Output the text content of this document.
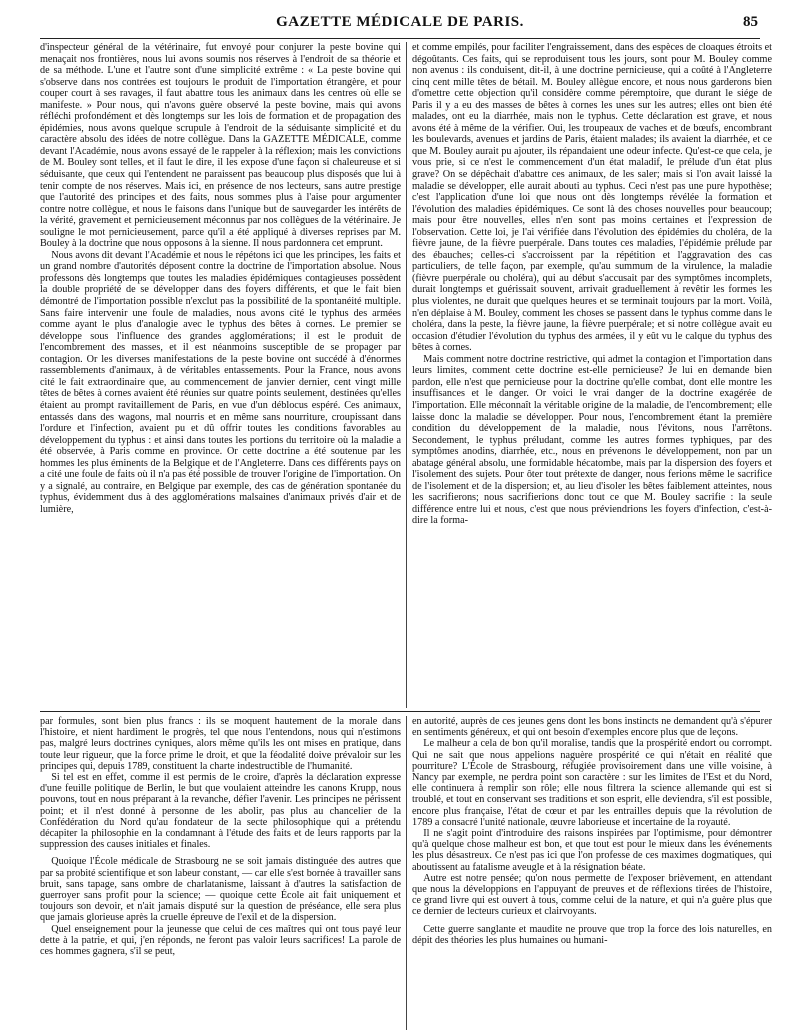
GAZETTE MÉDICALE DE PARIS.	85

d'inspecteur général de la vétérinaire, fut envoyé pour conjurer la peste bovine qui menaçait nos frontières, nous lui avons soumis nos réserves à l'endroit de sa théorie et de sa méthode. L'une et l'autre sont d'une simplicité extrême : « La peste bovine qui s'observe dans nos contrées est toujours le produit de l'importation étrangère, et pour couper court à ses ravages, il faut abattre tous les animaux dans les centres où elle se manifeste. » Pour nous, qui n'avons guère observé la peste bovine, mais qui avons réfléchi profondément et dès longtemps sur les lois de formation et de propagation des épidémies, nous avons quelque scrupule à l'endroit de la séduisante simplicité et du caractère absolu des idées de notre collègue. Dans la GAZETTE MÉDICALE, comme devant l'Académie, nous avons essayé de le rappeler à la réflexion; mais les convictions de M. Bouley sont telles, et il faut le dire, il les expose d'une façon si chaleureuse et si séduisante, que ceux qui l'entendent ne paraissent pas beaucoup plus disposés que lui à tenir compte de nos réserves. Mais ici, en présence de nos lecteurs, sans autre prestige que l'autorité des principes et des faits, nous sommes plus à l'aise pour argumenter contre notre collègue, et nous le faisons dans l'unique but de sauvegarder les intérêts de la vérité, gravement et pernicieusement méconnus par nos collègues de la vétérinaire. Je souligne le mot pernicieusement, parce qu'il a été appliqué à diverses reprises par M. Bouley à la doctrine que nous opposons à la sienne. Il nous pardonnera cet emprunt.

Nous avons dit devant l'Académie et nous le répétons ici que les principes, les faits et un grand nombre d'autorités déposent contre la doctrine de l'importation absolue. Nous professons dès longtemps que toutes les maladies épidémiques contagieuses possèdent la double propriété de se développer dans des foyers différents, et que le fait bien démontré de l'importation possible n'exclut pas la possibilité de la spontanéité multiple. Sans faire intervenir une foule de maladies, nous avons cité le typhus des armées comme ayant le plus d'analogie avec le typhus des bêtes à cornes. Le premier se développe sous l'influence des grandes agglomérations; il est le produit de l'encombrement des masses, et il est néanmoins susceptible de se propager par contagion. Or les diverses manifestations de la peste bovine ont succédé à d'énormes rassemblements d'animaux, à de véritables entassements. Pour la France, nous avons cité le fait extraordinaire que, au commencement de janvier dernier, cent vingt mille têtes de bêtes à cornes avaient été réunies sur quatre points seulement, destinées qu'elles étaient au prompt ravitaillement de Paris, en vue d'un déblocus espéré. Ces animaux, entassés dans des wagons, mal nourris et en même sans nourriture, croupissant dans l'ordure et l'infection, avaient pu et dû offrir toutes les conditions favorables au développement du typhus : et ainsi dans toutes les portions du territoire où la maladie a été observée, à Paris comme en province. Or cette doctrine a été soutenue par les hommes les plus éminents de la Belgique et de l'Angleterre. Dans ces différents pays on a cité une foule de faits où il n'a pas été possible de trouver l'origine de l'importation. On y a signalé, au contraire, en Belgique par exemple, des cas de génération spontanée du typhus, évidemment dus à des agglomérations malsaines d'animaux privés d'air et de lumière,

et comme empilés, pour faciliter l'engraissement, dans des espèces de cloaques étroits et dégoûtants. Ces faits, qui se reproduisent tous les jours, sont pour M. Bouley comme non avenus : ils conduisent, dit-il, à une doctrine pernicieuse, qui a coûté à l'Angleterre cinq cent mille têtes de bétail. M. Bouley allègue encore, et nous nous garderons bien d'omettre cette objection qu'il considère comme péremptoire, que durant le siége de Paris il y a eu des masses de bêtes à cornes les unes sur les autres; elles ont bien été malades, ont eu la diarrhée, mais non le typhus. Cette déclaration est grave, et nous avons été à même de la vérifier. Oui, les troupeaux de vaches et de bœufs, encombrant les boulevards, avenues et jardins de Paris, étaient malades; ils avaient la diarrhée, et ce que M. Bouley aurait pu ajouter, ils répandaient une odeur infecte. Qu'est-ce que cela, je vous prie, si ce n'est le commencement d'un état maladif, le prélude d'un état plus grave? On se dépêchait d'abattre ces animaux, de les saler; mais si l'on avait laissé la maladie se développer, elle aurait abouti au typhus. Ceci n'est pas une pure hypothèse; c'est l'application d'une loi que nous ont dès longtemps révélée la formation et l'évolution des maladies épidémiques. Ce sont là des choses nouvelles pour beaucoup; mais pour être nouvelles, elles n'en sont pas moins certaines et l'expression de l'observation. Cette loi, je l'ai vérifiée dans l'évolution des épidémies du choléra, de la fièvre jaune, de la fièvre puerpérale. Dans toutes ces maladies, l'épidémie prélude par des ébauches; celles-ci s'accroissent par la répétition et l'aggravation des cas particuliers, de telle façon, par exemple, qu'au summum de la virulence, la maladie (fièvre puerpérale ou choléra), qui au début s'accusait par des symptômes incomplets, durait longtemps et guérissait souvent, arrivait graduellement à revêtir les formes les plus violentes, ne durait que quelques heures et se terminait toujours par la mort. Voilà, n'en déplaise à M. Bouley, comment les choses se passent dans le typhus comme dans le choléra, dans la peste, la fièvre jaune, la fièvre puerpérale; et si notre collègue avait eu occasion d'étudier l'évolution du typhus des armées, il y eût vu le calque du typhus des bêtes à cornes.

Mais comment notre doctrine restrictive, qui admet la contagion et l'importation dans leurs limites, comment cette doctrine est-elle pernicieuse? Je lui en demande bien pardon, elle n'est que pernicieuse pour la doctrine qu'elle combat, dont elle montre les insuffisances et le danger. Or voici le vrai danger de la doctrine exagérée de l'importation. Elle méconnaît la véritable origine de la maladie, de l'encombrement; elle laisse donc la maladie se développer. Pour nous, l'encombrement étant la première condition du développement de la maladie, nous l'évitons, nous l'arrêtons. Secondement, le typhus préludant, comme les autres formes typhiques, par des symptômes anodins, diarrhée, etc., nous en prévenons le développement, non par un abatage général absolu, une formidable hécatombe, mais par la dispersion des foyers et l'isolement des sujets. Pour ôter tout prétexte de danger, nous ferions même le sacrifice de l'isolement et de la dispersion; et, au lieu d'isoler les bêtes faiblement atteintes, nous les sacrifierons; nous sacrifierions donc tout ce que M. Bouley sacrifie : la seule différence entre lui et nous, c'est que nous préviendrions les foyers d'infection, c'est-à-dire la forma-

par formules, sont bien plus francs : ils se moquent hautement de la morale dans l'histoire, et nient hardiment le progrès, tel que nous l'entendons, nous qui n'estimons pas, malgré leurs doctrines cyniques, alors même qu'ils les ont mises en pratique, dans toute leur rigueur, que la force prime le droit, et que la féodalité doive prévaloir sur les principes qui, depuis 1789, constituent la charte indestructible de l'humanité.

Si tel est en effet, comme il est permis de le croire, d'après la déclaration expresse d'une feuille politique de Berlin, le but que voulaient atteindre les canons Krupp, nous pouvons, tout en nous préparant à la revanche, défier l'avenir. Les principes ne périssent point; et il n'est donné à personne de les abolir, pas plus au chancelier de la Confédération du Nord qu'au fondateur de la secte philosophique qui a prétendu décapiter la philosophie en la condamnant à l'étude des faits et de leurs rapports par la suppression des causes initiales et finales.

Quoique l'École médicale de Strasbourg ne se soit jamais distinguée des autres que par sa probité scientifique et son labeur constant, — car elle s'est bornée à travailler sans bruit, sans tapage, sans ombre de charlatanisme, laissant à d'autres la satisfaction de guerroyer sans profit pour la science; — quoique cette École ait fait uniquement et toujours son devoir, et n'ait jamais disputé sur la question de préséance, elle sera plus que jamais glorieuse après la cruelle épreuve de l'exil et de la dispersion.

Quel enseignement pour la jeunesse que celui de ces maîtres qui ont tous payé leur dette à la patrie, et qui, j'en réponds, ne feront pas valoir leurs sacrifices! La parole de ces hommes gagnera, s'il se peut,

en autorité, auprès de ces jeunes gens dont les bons instincts ne demandent qu'à s'épurer en sentiments généreux, et qui ont besoin d'exemples encore plus que de leçons.

Le malheur a cela de bon qu'il moralise, tandis que la prospérité endort ou corrompt. Qui ne sait que nous appelions naguère prospérité ce qui n'était en réalité que pourriture? L'École de Strasbourg, réfugiée provisoirement dans une ville voisine, à Nancy par exemple, ne perdra point son caractère : sur les limites de l'Est et du Nord, elle continuera à remplir son rôle; elle nous filtrera la science allemande qui est si troublé, et tout en conservant ses traditions et son esprit, elle deviendra, s'il est possible, encore plus française, l'état de cœur et par les entrailles depuis que la révolution de 1789 a consacré l'unité nationale, œuvre laborieuse et incertaine de la royauté.

Il ne s'agit point d'introduire des raisons inspirées par l'optimisme, pour démontrer qu'à quelque chose malheur est bon, et que tout est pour le mieux dans les événements les plus désastreux. Ce n'est pas ici que l'on professe de ces maximes dogmatiques, qui aboutissent au fatalisme aveugle et à la résignation béate.

Autre est notre pensée; qu'on nous permette de l'exposer brièvement, en attendant que nous la développions en l'appuyant de preuves et de réflexions tirées de l'histoire, ce grand livre qui est ouvert à tous, comme celui de la nature, et qui n'a guère plus que ce dernier de lecteurs curieux et clairvoyants.

Cette guerre sanglante et maudite ne prouve que trop la force des lois naturelles, en dépit des théories les plus humaines ou humani-
